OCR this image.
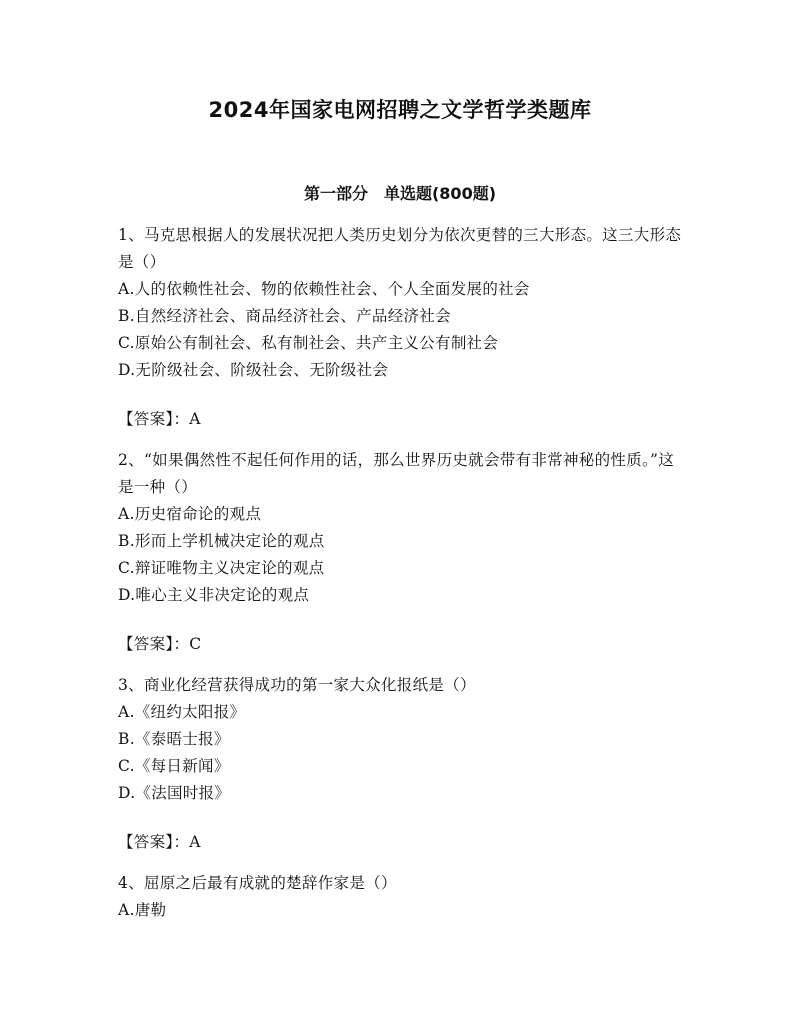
2024年国家电网招聘之文学哲学类题库
第一部分　单选题(800题)

1、马克思根据人的发展状况把人类历史划分为依次更替的三大形态。这三大形态是（）

A.人的依赖性社会、物的依赖性社会、个人全面发展的社会

B.自然经济社会、商品经济社会、产品经济社会

C.原始公有制社会、私有制社会、共产主义公有制社会

D.无阶级社会、阶级社会、无阶级社会

【答案】：A

2、“如果偶然性不起任何作用的话，那么世界历史就会带有非常神秘的性质。”这是一种（）

A.历史宿命论的观点

B.形而上学机械决定论的观点

C.辩证唯物主义决定论的观点

D.唯心主义非决定论的观点

【答案】：C

3、商业化经营获得成功的第一家大众化报纸是（）

A.《纽约太阳报》

B.《泰晤士报》

C.《每日新闻》

D.《法国时报》

【答案】：A

4、屈原之后最有成就的楚辞作家是（）

A.唐勒
